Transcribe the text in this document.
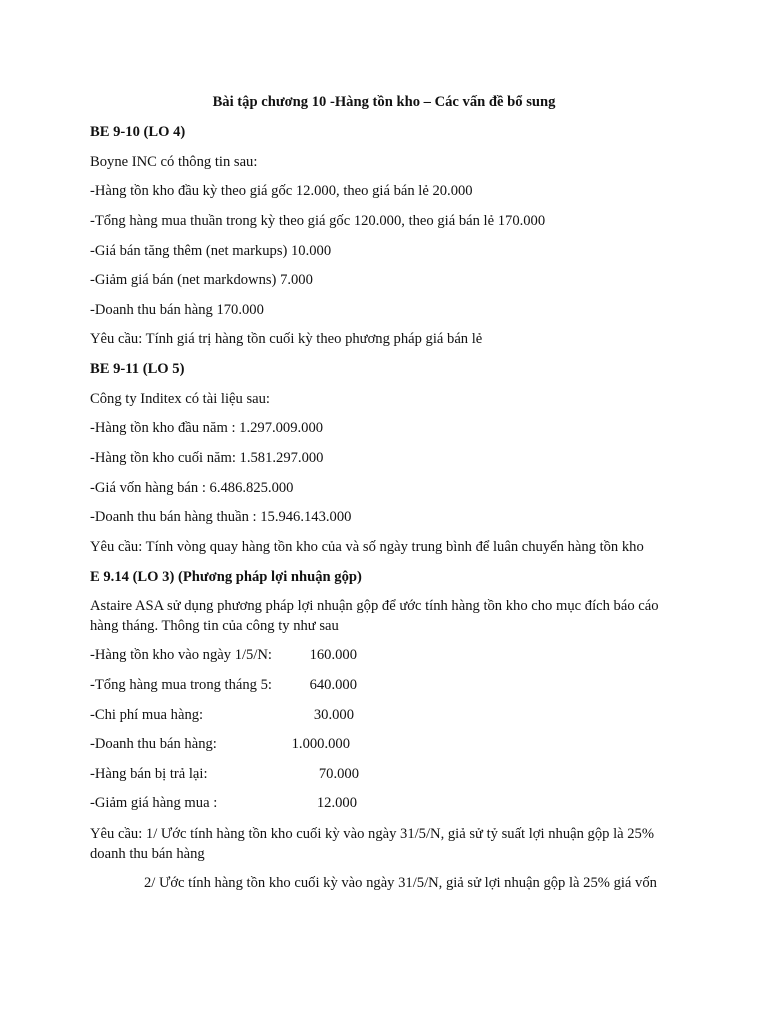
Bài tập chương 10 -Hàng tồn kho – Các vấn đề bổ sung
BE 9-10 (LO 4)
Boyne INC có thông tin sau:
-Hàng tồn kho đầu kỳ theo giá gốc 12.000, theo giá bán lẻ 20.000
-Tổng hàng mua thuần trong kỳ theo giá gốc 120.000, theo giá bán lẻ 170.000
-Giá bán tăng thêm (net markups) 10.000
-Giảm giá bán (net markdowns) 7.000
-Doanh thu bán hàng 170.000
Yêu cầu: Tính giá trị hàng tồn cuối kỳ theo phương pháp giá bán lẻ
BE 9-11 (LO 5)
Công ty Inditex có tài liệu sau:
-Hàng tồn kho đầu năm : 1.297.009.000
-Hàng tồn kho cuối năm: 1.581.297.000
-Giá vốn hàng bán : 6.486.825.000
-Doanh thu bán hàng thuần : 15.946.143.000
Yêu cầu: Tính vòng quay hàng tồn kho của và số ngày trung bình để luân chuyển hàng tồn kho
E 9.14 (LO 3) (Phương pháp lợi nhuận gộp)
Astaire ASA sử dụng phương pháp lợi nhuận gộp để ước tính hàng tồn kho cho mục đích báo cáo hàng tháng. Thông tin của công ty như sau
-Hàng tồn kho vào ngày 1/5/N:	160.000
-Tổng hàng mua trong tháng 5:	640.000
-Chi phí mua hàng:	30.000
-Doanh thu bán hàng:	1.000.000
-Hàng bán bị trả lại:	70.000
-Giảm giá hàng mua :	12.000
Yêu cầu: 1/ Ước tính hàng tồn kho cuối kỳ vào ngày 31/5/N, giả sử tỷ suất lợi nhuận gộp là 25% doanh thu bán hàng
2/ Ước tính hàng tồn kho cuối kỳ vào ngày 31/5/N, giả sử lợi nhuận gộp là 25% giá vốn
